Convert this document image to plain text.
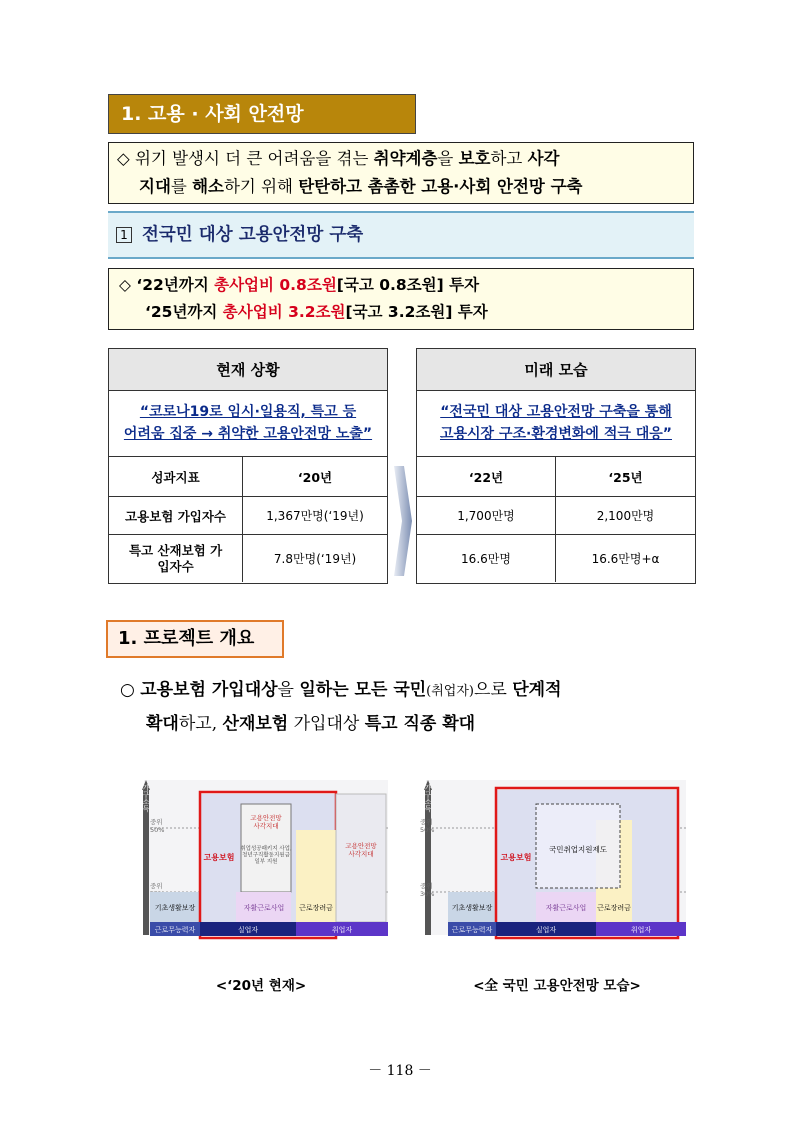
1. 고용 · 사회 안전망
◇ 위기 발생시 더 큰 어려움을 겪는 취약계층을 보호하고 사각
지대를 해소하기 위해 탄탄하고 촘촘한 고용·사회 안전망 구축
1 전국민 대상 고용안전망 구축
◇ ‘22년까지 총사업비 0.8조원[국고 0.8조원] 투자
‘25년까지 총사업비 3.2조원[국고 3.2조원] 투자
현재 상황
“코로나19로 임시·일용직, 특고 등
어려움 집중 → 취약한 고용안전망 노출”
성과지표	‘20년
고용보험 가입자수	1,367만명(‘19년)
특고 산재보험 가입자수	7.8만명(‘19년)
미래 모습
“전국민 대상 고용안전망 구축을 통해
고용시장 구조·환경변화에 적극 대응”
‘22년	‘25년
1,700만명	2,100만명
16.6만명	16.6만명+α
1. 프로젝트 개요
○ 고용보험 가입대상을 일하는 모든 국민(취업자)으로 단계적
확대하고, 산재보험 가입대상 특고 직종 확대
가구소득
중위 50%
중위
기초생활보장
고용보험
고용안전망 사각지대
취업성공패키지 사업, 청년구직활동지원금 일부 지원
자활근로사업 근로장려금
고용안전망 사각지대
근로무능력자	실업자	취업자
가구소득
중위 50%
중위 30%
기초생활보장
고용보험
국민취업지원제도
자활근로사업 근로장려금
근로무능력자	실업자	취업자
<‘20년 현재>	<全 국민 고용안전망 모습>
－ 118 －
